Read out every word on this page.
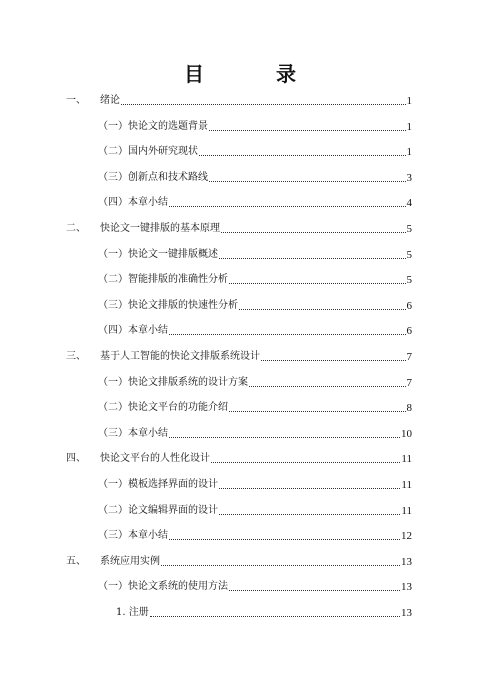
目　录
一、	绪论	1
（一）快论文的选题背景	1
（二）国内外研究现状	1
（三）创新点和技术路线	3
（四）本章小结	4
二、	快论文一键排版的基本原理	5
（一）快论文一键排版概述	5
（二）智能排版的准确性分析	5
（三）快论文排版的快速性分析	6
（四）本章小结	6
三、	基于人工智能的快论文排版系统设计	7
（一）快论文排版系统的设计方案	7
（二）快论文平台的功能介绍	8
（三）本章小结	10
四、	快论文平台的人性化设计	11
（一）模板选择界面的设计	11
（二）论文编辑界面的设计	11
（三）本章小结	12
五、	系统应用实例	13
（一）快论文系统的使用方法	13
1. 注册	13
